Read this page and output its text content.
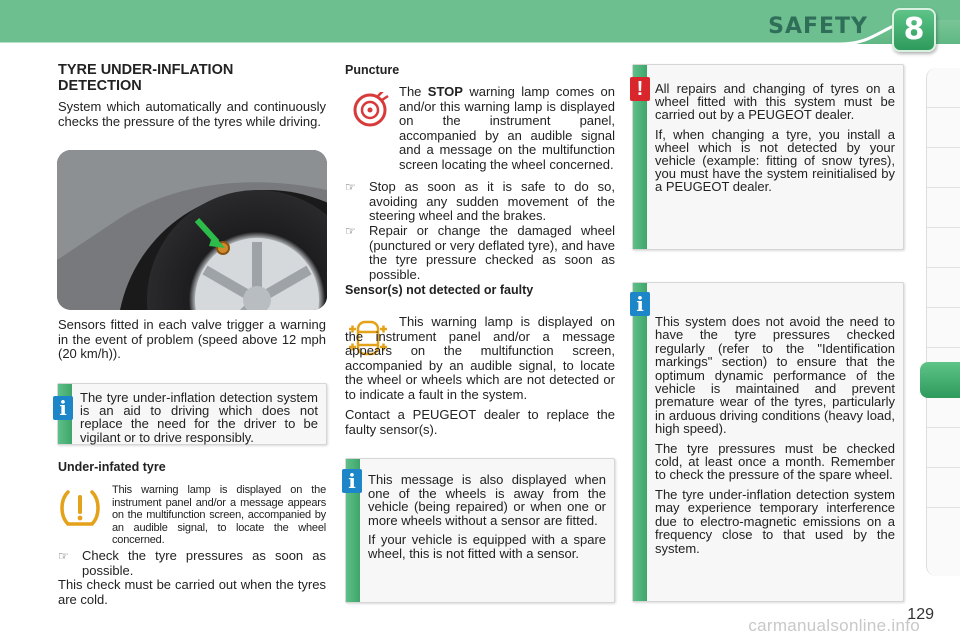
SAFETY	8
TYRE UNDER-INFLATION DETECTION
System which automatically and continuously checks the pressure of the tyres while driving.
Sensors fitted in each valve trigger a warning in the event of problem (speed above 12 mph (20 km/h)).
The tyre under-inflation detection system is an aid to driving which does not replace the need for the driver to be vigilant or to drive responsibly.
i
Under-infated tyre
This warning lamp is displayed on the instrument panel and/or a message appears on the multifunction screen, accompanied by an audible signal, to locate the wheel concerned.
☞ Check the tyre pressures as soon as possible.
This check must be carried out when the tyres are cold.
Puncture
The STOP warning lamp comes on and/or this warning lamp is displayed on the instrument panel, accompanied by an audible signal and a message on the multifunction screen locating the wheel concerned.
☞ Stop as soon as it is safe to do so, avoiding any sudden movement of the steering wheel and the brakes.
☞ Repair or change the damaged wheel (punctured or very deflated tyre), and have the tyre pressure checked as soon as possible.
Sensor(s) not detected or faulty
This warning lamp is displayed on the instrument panel and/or a message appears on the multifunction screen, accompanied by an audible signal, to locate the wheel or wheels which are not detected or to indicate a fault in the system.
Contact a PEUGEOT dealer to replace the faulty sensor(s).

This message is also displayed when one of the wheels is away from the vehicle (being repaired) or when one or more wheels without a sensor are fitted.

If your vehicle is equipped with a spare wheel, this is not fitted with a sensor.

i

All repairs and changing of tyres on a wheel fitted with this system must be carried out by a PEUGEOT dealer.

If, when changing a tyre, you install a wheel which is not detected by your vehicle (example: fitting of snow tyres), you must have the system reinitialised by a PEUGEOT dealer.

!

This system does not avoid the need to have the tyre pressures checked regularly (refer to the "Identification markings" section) to ensure that the optimum dynamic performance of the vehicle is maintained and prevent premature wear of the tyres, particularly in arduous driving conditions (heavy load, high speed).

The tyre pressures must be checked cold, at least once a month. Remember to check the pressure of the spare wheel.

The tyre under-inflation detection system may experience temporary interference due to electro-magnetic emissions on a frequency close to that used by the system.

i
129
carmanualsonline.info
